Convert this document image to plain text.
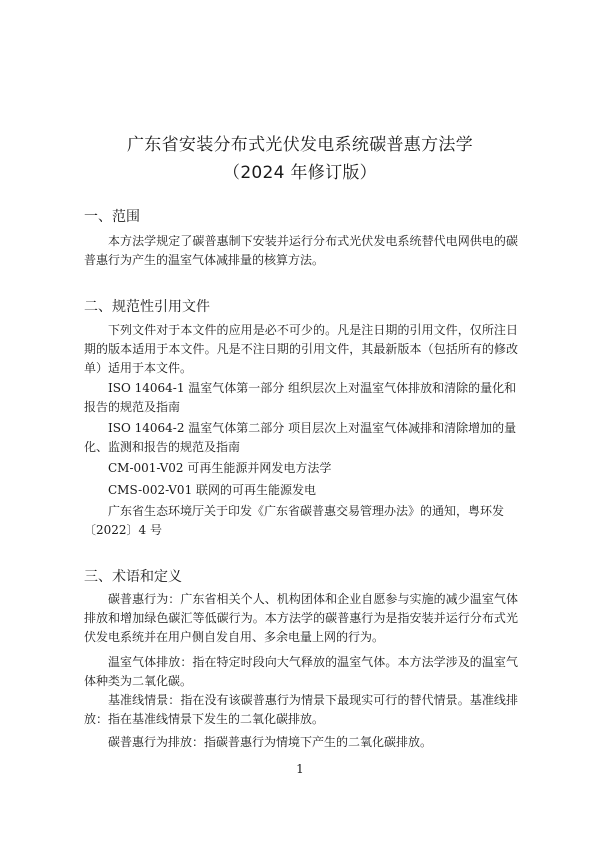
广东省安装分布式光伏发电系统碳普惠方法学
（2024 年修订版）
一、范围

本方法学规定了碳普惠制下安装并运行分布式光伏发电系统替代电网供电的碳普惠行为产生的温室气体减排量的核算方法。

二、规范性引用文件

下列文件对于本文件的应用是必不可少的。凡是注日期的引用文件，仅所注日期的版本适用于本文件。凡是不注日期的引用文件，其最新版本（包括所有的修改单）适用于本文件。

ISO 14064-1 温室气体第一部分 组织层次上对温室气体排放和清除的量化和报告的规范及指南

ISO 14064-2 温室气体第二部分 项目层次上对温室气体减排和清除增加的量化、监测和报告的规范及指南

CM-001-V02 可再生能源并网发电方法学

CMS-002-V01 联网的可再生能源发电

广东省生态环境厅关于印发《广东省碳普惠交易管理办法》的通知，粤环发〔2022〕4 号

三、术语和定义

碳普惠行为：广东省相关个人、机构团体和企业自愿参与实施的减少温室气体排放和增加绿色碳汇等低碳行为。本方法学的碳普惠行为是指安装并运行分布式光伏发电系统并在用户侧自发自用、多余电量上网的行为。

温室气体排放：指在特定时段向大气释放的温室气体。本方法学涉及的温室气体种类为二氧化碳。

基准线情景：指在没有该碳普惠行为情景下最现实可行的替代情景。基准线排放：指在基准线情景下发生的二氧化碳排放。

碳普惠行为排放：指碳普惠行为情境下产生的二氧化碳排放。

1
